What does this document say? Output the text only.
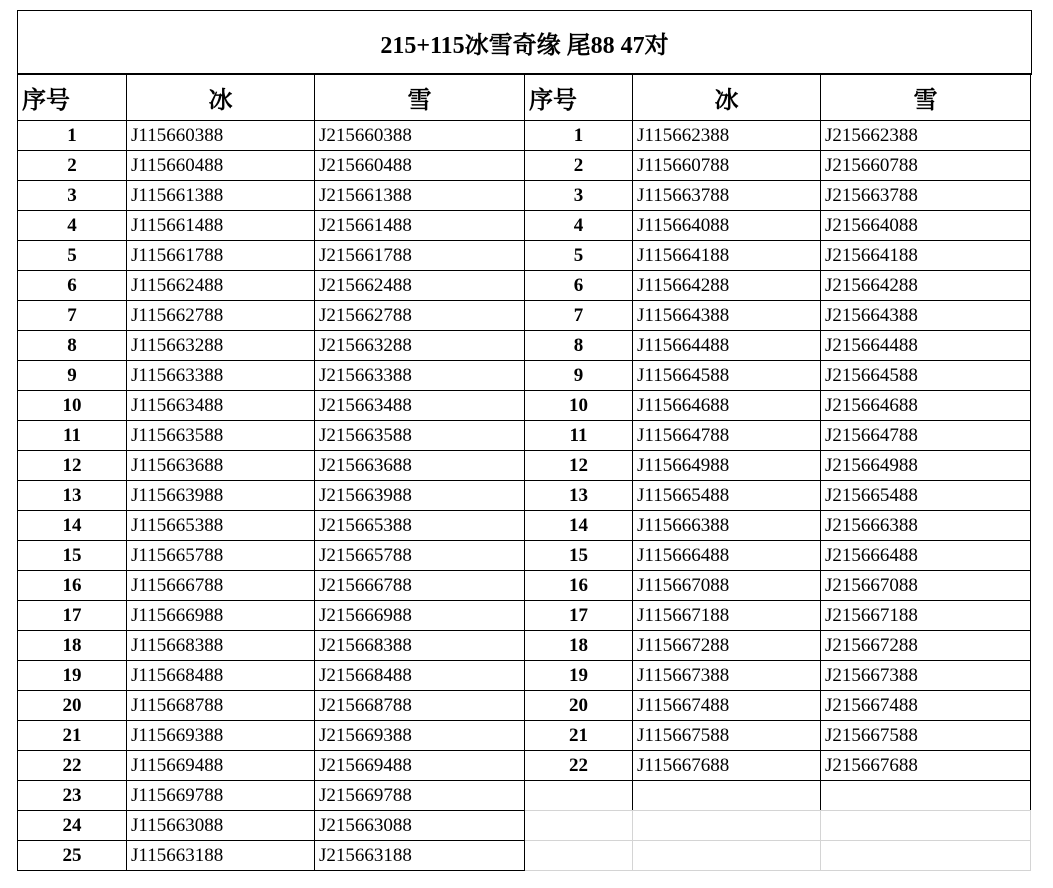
215+115冰雪奇缘 尾88 47对
序号	冰	雪	序号	冰	雪
1	J115660388	J215660388	1	J115662388	J215662388
2	J115660488	J215660488	2	J115660788	J215660788
3	J115661388	J215661388	3	J115663788	J215663788
4	J115661488	J215661488	4	J115664088	J215664088
5	J115661788	J215661788	5	J115664188	J215664188
6	J115662488	J215662488	6	J115664288	J215664288
7	J115662788	J215662788	7	J115664388	J215664388
8	J115663288	J215663288	8	J115664488	J215664488
9	J115663388	J215663388	9	J115664588	J215664588
10	J115663488	J215663488	10	J115664688	J215664688
11	J115663588	J215663588	11	J115664788	J215664788
12	J115663688	J215663688	12	J115664988	J215664988
13	J115663988	J215663988	13	J115665488	J215665488
14	J115665388	J215665388	14	J115666388	J215666388
15	J115665788	J215665788	15	J115666488	J215666488
16	J115666788	J215666788	16	J115667088	J215667088
17	J115666988	J215666988	17	J115667188	J215667188
18	J115668388	J215668388	18	J115667288	J215667288
19	J115668488	J215668488	19	J115667388	J215667388
20	J115668788	J215668788	20	J115667488	J215667488
21	J115669388	J215669388	21	J115667588	J215667588
22	J115669488	J215669488	22	J115667688	J215667688
23	J115669788	J215669788			
24	J115663088	J215663088			
25	J115663188	J215663188			
